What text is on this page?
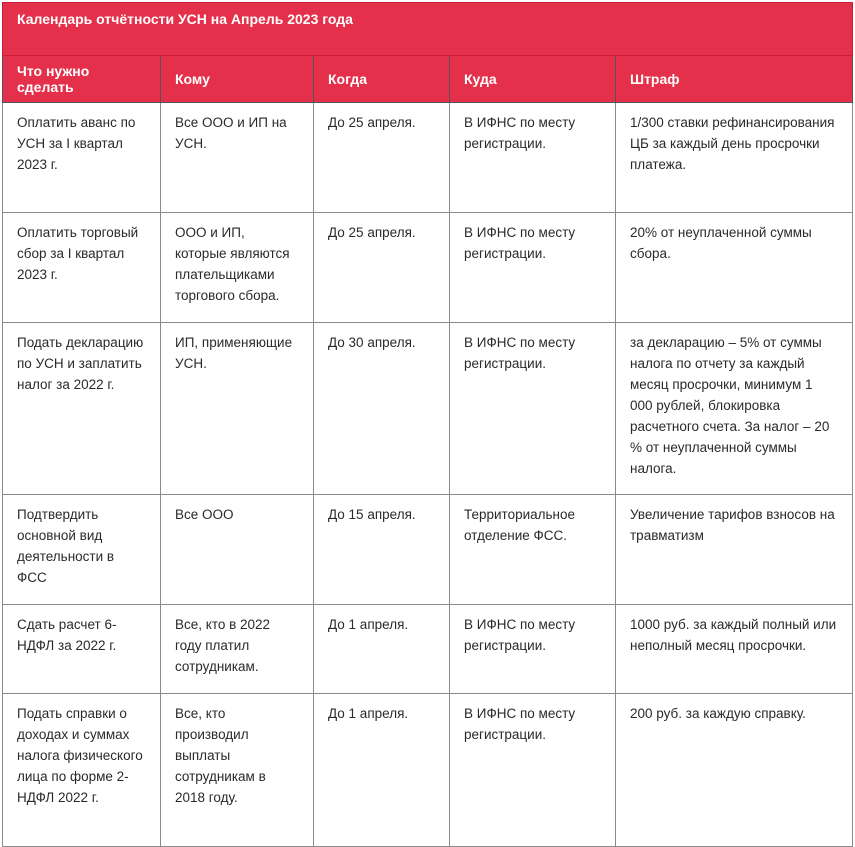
Календарь отчётности УСН на Апрель 2023 года				
Что нужно сделать	Кому	Когда	Куда	Штраф
Оплатить аванс по УСН за I квартал 2023 г.	Все ООО и ИП на УСН.	До 25 апреля.	В ИФНС по месту регистрации.	1/300 ставки рефинансирования ЦБ за каждый день просрочки платежа.
Оплатить торговый сбор за I квартал 2023 г.	ООО и ИП, которые являются плательщиками торгового сбора.	До 25 апреля.	В ИФНС по месту регистрации.	20% от неуплаченной суммы сбора.
Подать декларацию по УСН и заплатить налог за 2022 г.	ИП, применяющие УСН.	До 30 апреля.	В ИФНС по месту регистрации.	за декларацию – 5% от суммы налога по отчету за каждый месяц просрочки, минимум 1 000 рублей, блокировка расчетного счета. За налог – 20 % от неуплаченной суммы налога.
Подтвердить основной вид деятельности в ФСС	Все ООО	До 15 апреля.	Территориальное отделение ФСС.	Увеличение тарифов взносов на травматизм
Сдать расчет 6-НДФЛ за 2022 г.	Все, кто в 2022 году платил сотрудникам.	До 1 апреля.	В ИФНС по месту регистрации.	1000 руб. за каждый полный или неполный месяц просрочки.
Подать справки о доходах и суммах налога физического лица по форме 2-НДФЛ 2022 г.	Все, кто производил выплаты сотрудникам в 2018 году.	До 1 апреля.	В ИФНС по месту регистрации.	200 руб. за каждую справку.
